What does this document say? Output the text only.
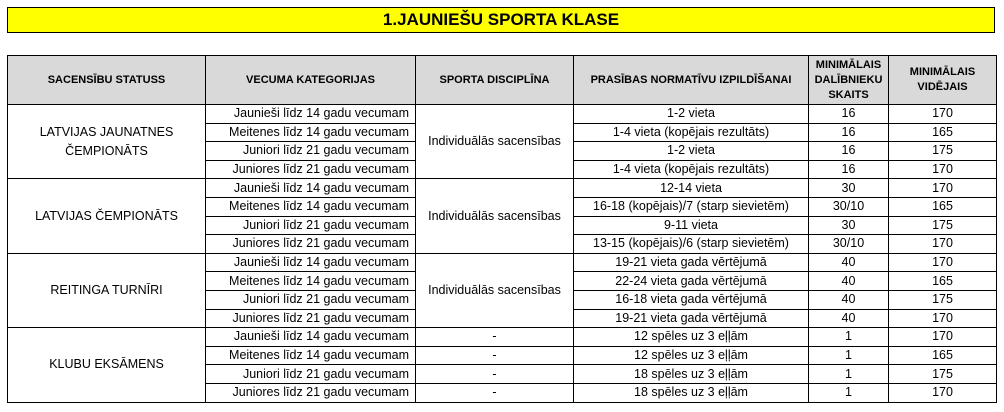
1.JAUNIEŠU SPORTA KLASE
SACENSĪBU STATUSS	VECUMA KATEGORIJAS	SPORTA DISCIPLĪNA	PRASĪBAS NORMATĪVU IZPILDĪŠANAI	MINIMĀLAIS DALĪBNIEKU SKAITS	MINIMĀLAIS VIDĒJAIS
LATVIJAS JAUNATNES ČEMPIONĀTS	Jaunieši līdz 14 gadu vecumam	Individuālās sacensības	1-2 vieta	16	170
	Meitenes līdz 14 gadu vecumam		1-4 vieta (kopējais rezultāts)	16	165
	Juniori līdz 21 gadu vecumam		1-2 vieta	16	175
	Juniores līdz 21 gadu vecumam		1-4 vieta (kopējais rezultāts)	16	170
LATVIJAS ČEMPIONĀTS	Jaunieši līdz 14 gadu vecumam	Individuālās sacensības	12-14 vieta	30	170
	Meitenes līdz 14 gadu vecumam		16-18 (kopējais)/7 (starp sievietēm)	30/10	165
	Juniori līdz 21 gadu vecumam		9-11 vieta	30	175
	Juniores līdz 21 gadu vecumam		13-15 (kopējais)/6 (starp sievietēm)	30/10	170
REITINGA TURNĪRI	Jaunieši līdz 14 gadu vecumam	Individuālās sacensības	19-21 vieta gada vērtējumā	40	170
	Meitenes līdz 14 gadu vecumam		22-24 vieta gada vērtējumā	40	165
	Juniori līdz 21 gadu vecumam		16-18 vieta gada vērtējumā	40	175
	Juniores līdz 21 gadu vecumam		19-21 vieta gada vērtējumā	40	170
KLUBU EKSĀMENS	Jaunieši līdz 14 gadu vecumam	-	12 spēles uz 3 eļļām	1	170
	Meitenes līdz 14 gadu vecumam	-	12 spēles uz 3 eļļām	1	165
	Juniori līdz 21 gadu vecumam	-	18 spēles uz 3 eļļām	1	175
	Juniores līdz 21 gadu vecumam	-	18 spēles uz 3 eļļām	1	170
